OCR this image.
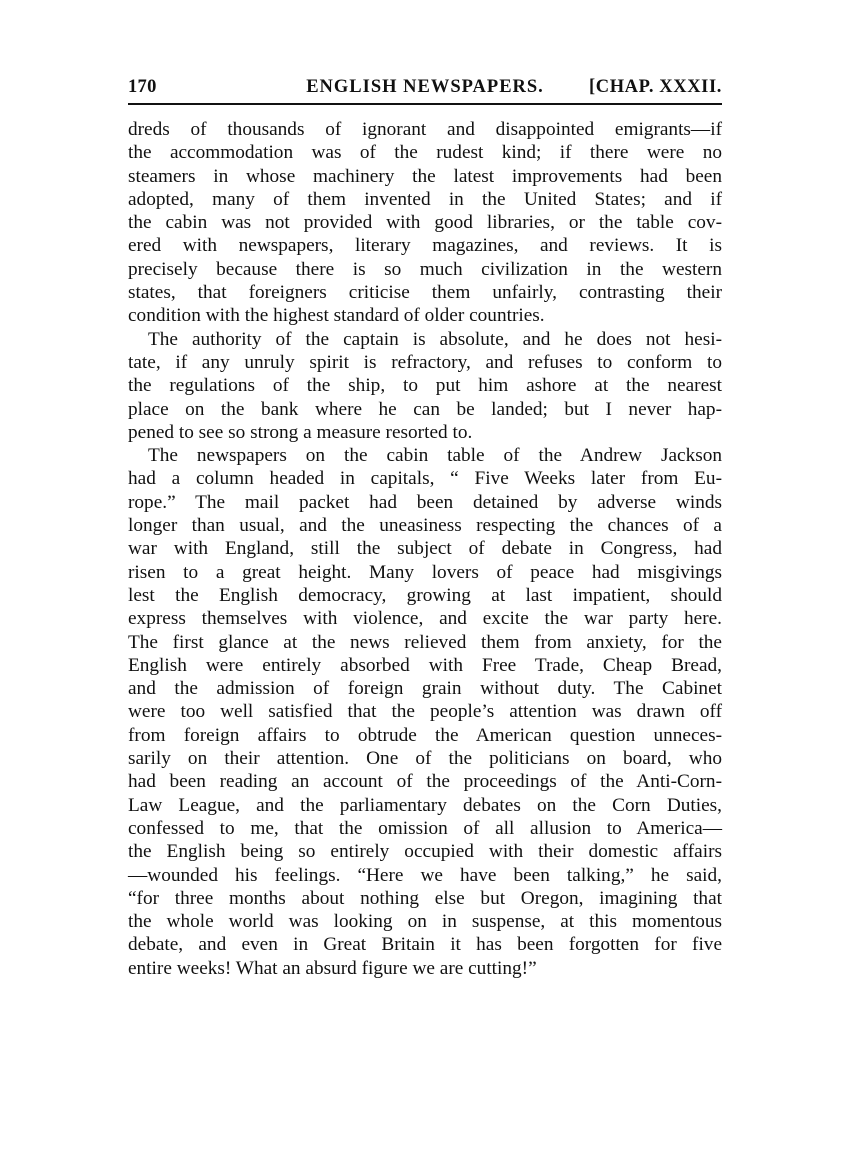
170	ENGLISH NEWSPAPERS.	[CHAP. XXXII.
dreds of thousands of ignorant and disappointed emigrants—if
the accommodation was of the rudest kind; if there were no
steamers in whose machinery the latest improvements had been
adopted, many of them invented in the United States; and if
the cabin was not provided with good libraries, or the table cov-
ered with newspapers, literary magazines, and reviews. It is
precisely because there is so much civilization in the western
states, that foreigners criticise them unfairly, contrasting their
condition with the highest standard of older countries.
The authority of the captain is absolute, and he does not hesi-
tate, if any unruly spirit is refractory, and refuses to conform to
the regulations of the ship, to put him ashore at the nearest
place on the bank where he can be landed; but I never hap-
pened to see so strong a measure resorted to.
The newspapers on the cabin table of the Andrew Jackson
had a column headed in capitals, “ Five Weeks later from Eu-
rope.” The mail packet had been detained by adverse winds
longer than usual, and the uneasiness respecting the chances of a
war with England, still the subject of debate in Congress, had
risen to a great height. Many lovers of peace had misgivings
lest the English democracy, growing at last impatient, should
express themselves with violence, and excite the war party here.
The first glance at the news relieved them from anxiety, for the
English were entirely absorbed with Free Trade, Cheap Bread,
and the admission of foreign grain without duty. The Cabinet
were too well satisfied that the people’s attention was drawn off
from foreign affairs to obtrude the American question unneces-
sarily on their attention. One of the politicians on board, who
had been reading an account of the proceedings of the Anti-Corn-
Law League, and the parliamentary debates on the Corn Duties,
confessed to me, that the omission of all allusion to America—
the English being so entirely occupied with their domestic affairs
—wounded his feelings. “Here we have been talking,” he said,
“for three months about nothing else but Oregon, imagining that
the whole world was looking on in suspense, at this momentous
debate, and even in Great Britain it has been forgotten for five
entire weeks! What an absurd figure we are cutting!”
